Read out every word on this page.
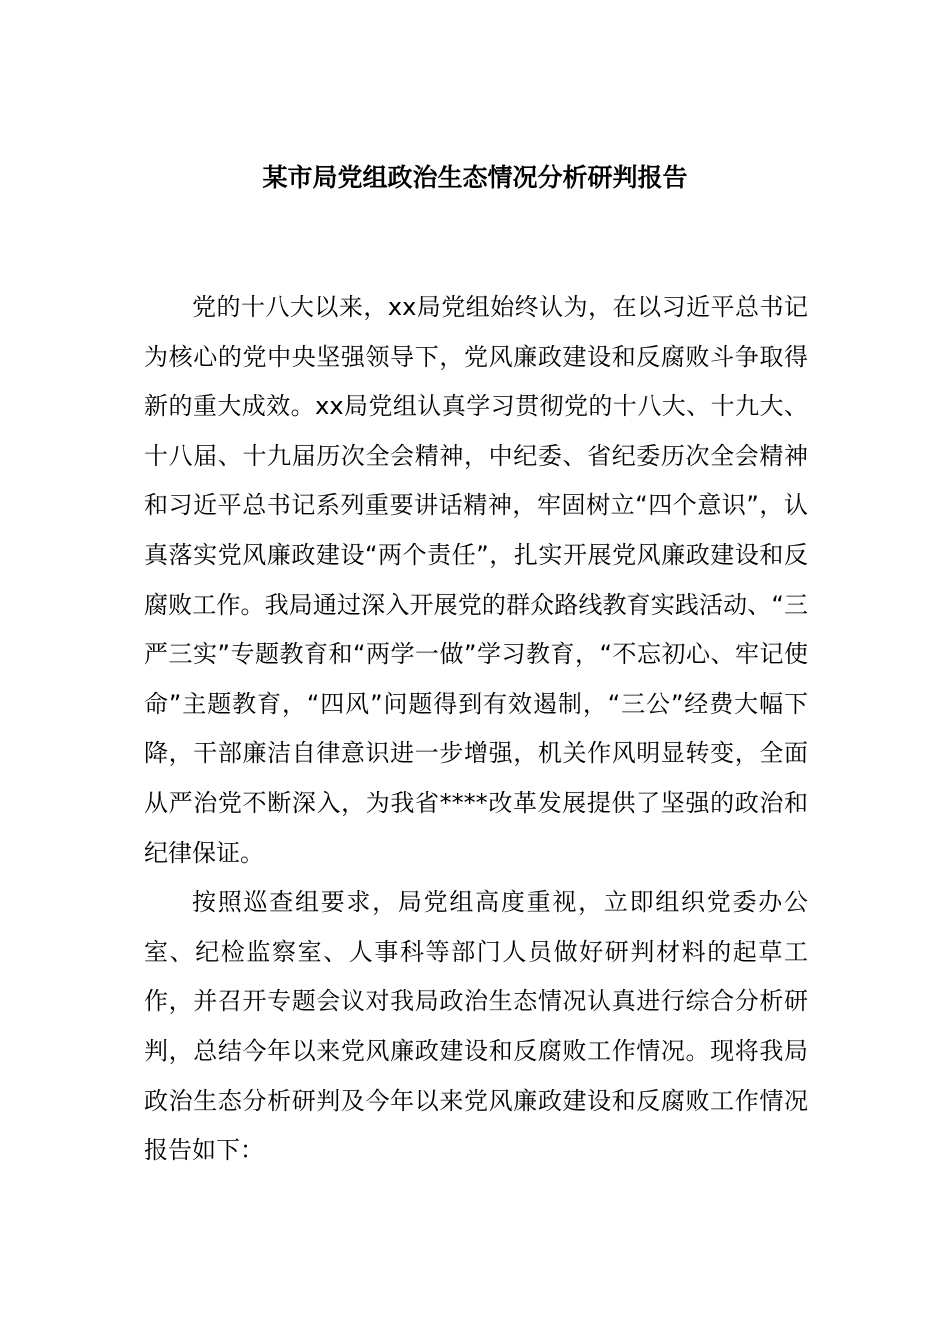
某市局党组政治生态情况分析研判报告

党的十八大以来，xx局党组始终认为，在以习近平总书记为核心的党中央坚强领导下，党风廉政建设和反腐败斗争取得新的重大成效。xx局党组认真学习贯彻党的十八大、十九大、十八届、十九届历次全会精神，中纪委、省纪委历次全会精神和习近平总书记系列重要讲话精神，牢固树立“四个意识”，认真落实党风廉政建设“两个责任”，扎实开展党风廉政建设和反腐败工作。我局通过深入开展党的群众路线教育实践活动、“三严三实”专题教育和“两学一做”学习教育，“不忘初心、牢记使命”主题教育，“四风”问题得到有效遏制，“三公”经费大幅下降，干部廉洁自律意识进一步增强，机关作风明显转变，全面从严治党不断深入，为我省****改革发展提供了坚强的政治和纪律保证。

按照巡查组要求，局党组高度重视，立即组织党委办公室、纪检监察室、人事科等部门人员做好研判材料的起草工作，并召开专题会议对我局政治生态情况认真进行综合分析研判，总结今年以来党风廉政建设和反腐败工作情况。现将我局政治生态分析研判及今年以来党风廉政建设和反腐败工作情况报告如下：
